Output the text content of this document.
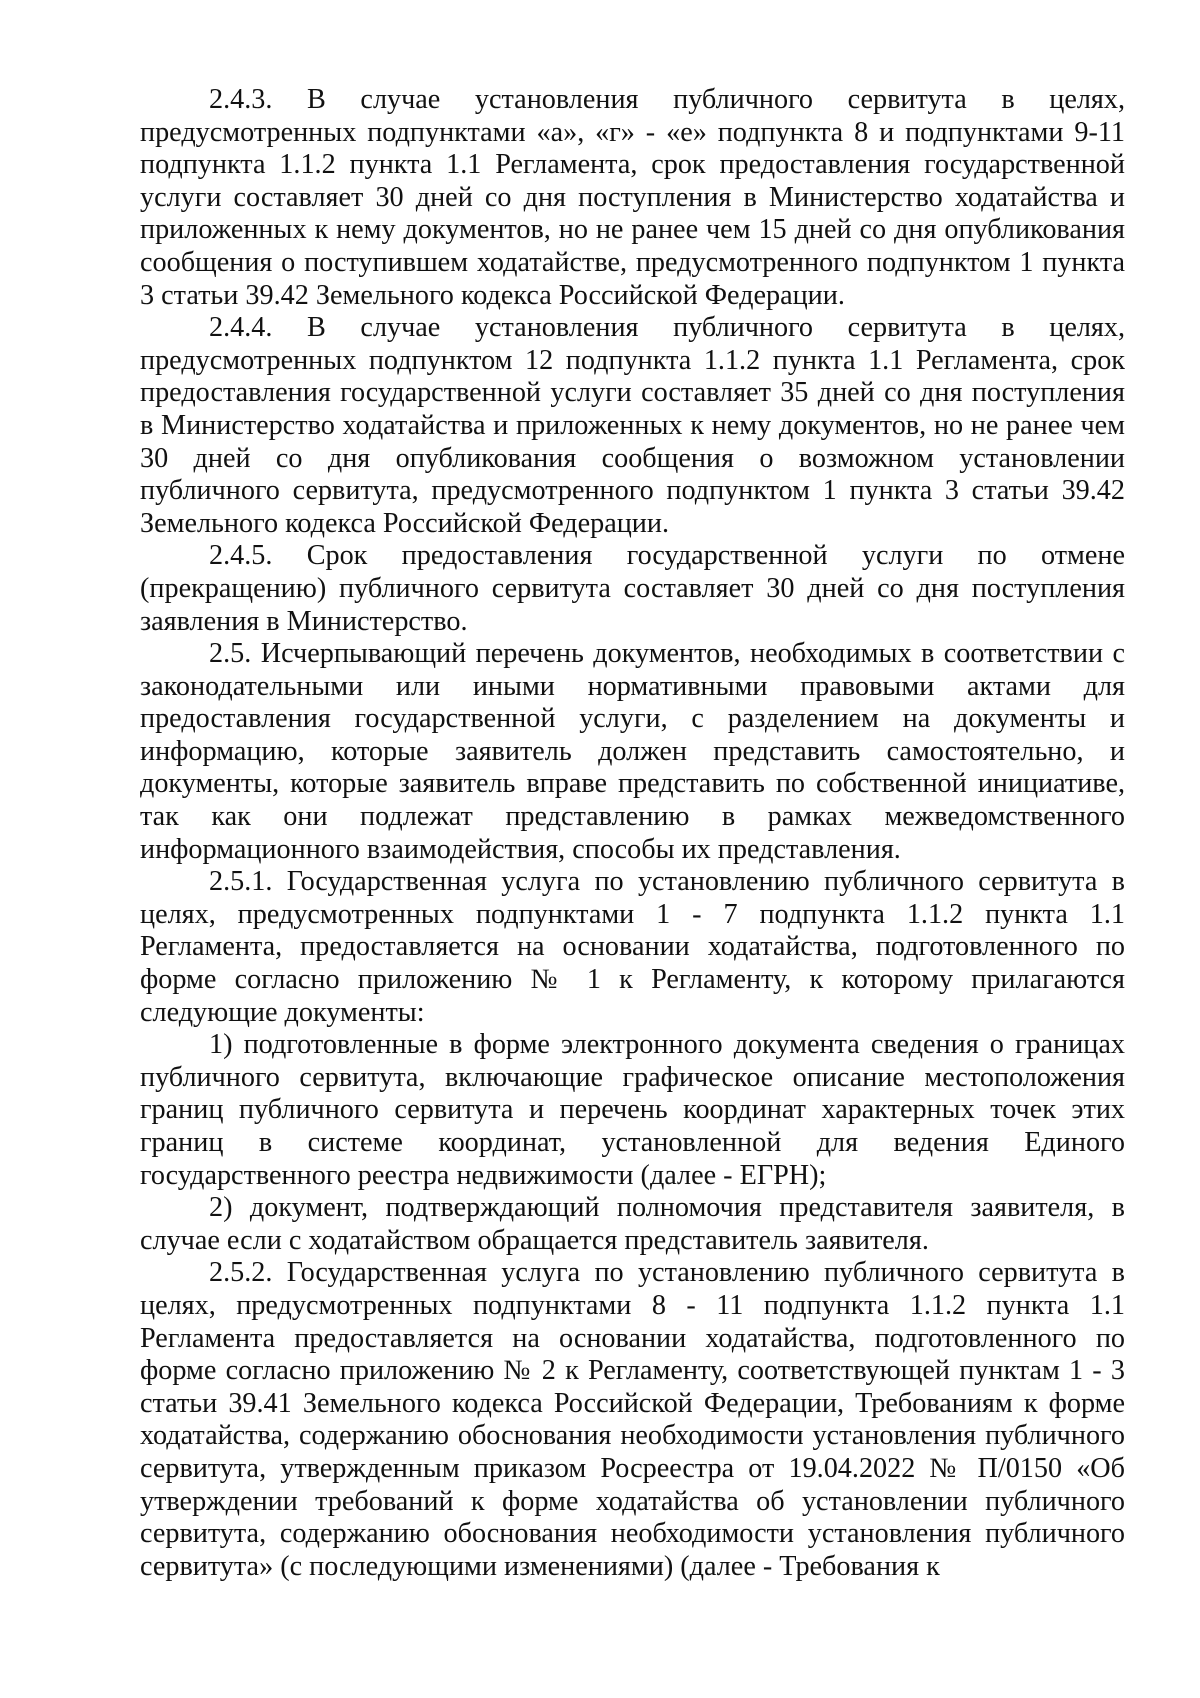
2.4.3. В случае установления публичного сервитута в целях, предусмотренных подпунктами «а», «г» - «е» подпункта 8 и подпунктами 9-11 подпункта 1.1.2 пункта 1.1 Регламента, срок предоставления государственной услуги составляет 30 дней со дня поступления в Министерство ходатайства и приложенных к нему документов, но не ранее чем 15 дней со дня опубликования сообщения о поступившем ходатайстве, предусмотренного подпунктом 1 пункта 3 статьи 39.42 Земельного кодекса Российской Федерации.

2.4.4. В случае установления публичного сервитута в целях, предусмотренных подпунктом 12 подпункта 1.1.2 пункта 1.1 Регламента, срок предоставления государственной услуги составляет 35 дней со дня поступления в Министерство ходатайства и приложенных к нему документов, но не ранее чем 30 дней со дня опубликования сообщения о возможном установлении публичного сервитута, предусмотренного подпунктом 1 пункта 3 статьи 39.42 Земельного кодекса Российской Федерации.

2.4.5. Срок предоставления государственной услуги по отмене (прекращению) публичного сервитута составляет 30 дней со дня поступления заявления в Министерство.

2.5. Исчерпывающий перечень документов, необходимых в соответствии с законодательными или иными нормативными правовыми актами для предоставления государственной услуги, с разделением на документы и информацию, которые заявитель должен представить самостоятельно, и документы, которые заявитель вправе представить по собственной инициативе, так как они подлежат представлению в рамках межведомственного информационного взаимодействия, способы их представления.

2.5.1. Государственная услуга по установлению публичного сервитута в целях, предусмотренных подпунктами 1 - 7 подпункта 1.1.2 пункта 1.1 Регламента, предоставляется на основании ходатайства, подготовленного по форме согласно приложению № 1 к Регламенту, к которому прилагаются следующие документы:

1) подготовленные в форме электронного документа сведения о границах публичного сервитута, включающие графическое описание местоположения границ публичного сервитута и перечень координат характерных точек этих границ в системе координат, установленной для ведения Единого государственного реестра недвижимости (далее - ЕГРН);

2) документ, подтверждающий полномочия представителя заявителя, в случае если с ходатайством обращается представитель заявителя.

2.5.2. Государственная услуга по установлению публичного сервитута в целях, предусмотренных подпунктами 8 - 11 подпункта 1.1.2 пункта 1.1 Регламента предоставляется на основании ходатайства, подготовленного по форме согласно приложению № 2 к Регламенту, соответствующей пунктам 1 - 3 статьи 39.41 Земельного кодекса Российской Федерации, Требованиям к форме ходатайства, содержанию обоснования необходимости установления публичного сервитута, утвержденным приказом Росреестра от 19.04.2022 № П/0150 «Об утверждении требований к форме ходатайства об установлении публичного сервитута, содержанию обоснования необходимости установления публичного сервитута» (с последующими изменениями) (далее - Требования к
